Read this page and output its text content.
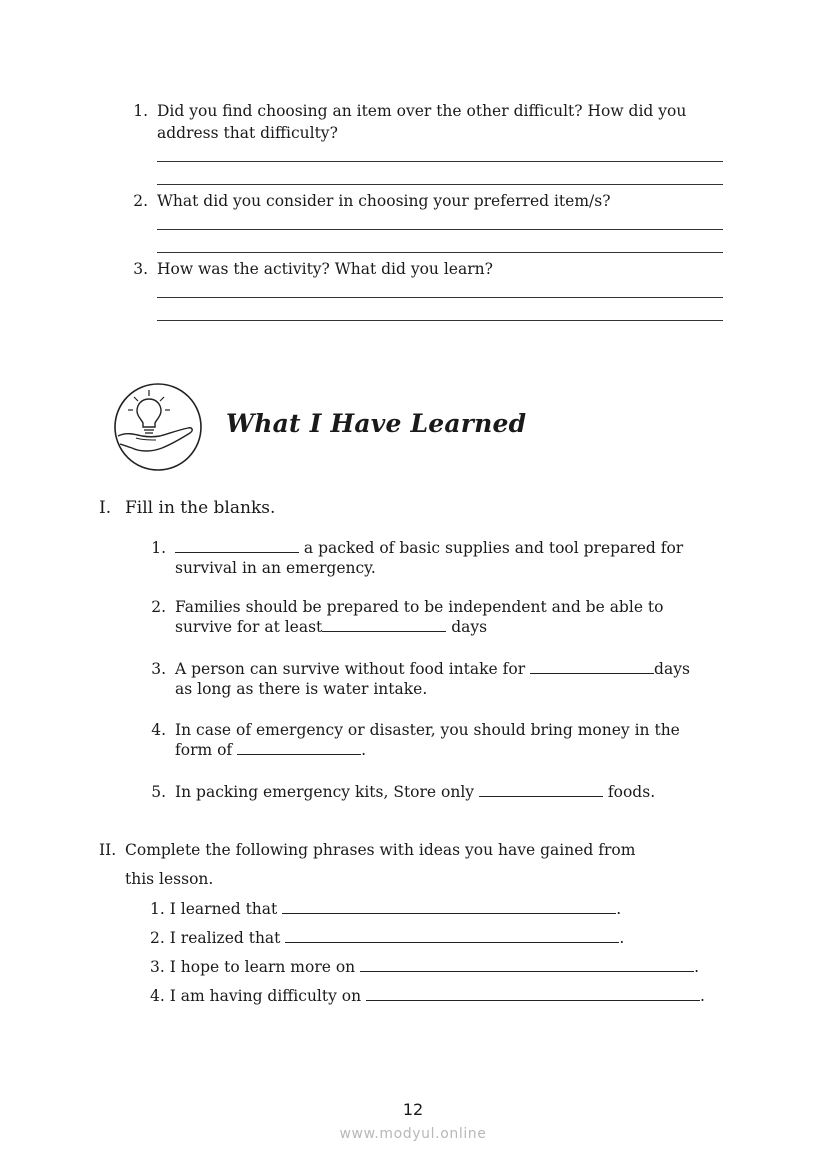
1. Did you find choosing an item over the other difficult? How did you
address that difficulty?
2. What did you consider in choosing your preferred item/s?
3. How was the activity? What did you learn?
What I Have Learned
I. Fill in the blanks.
1.	a packed of basic supplies and tool prepared for
survival in an emergency.
2. Families should be prepared to be independent and be able to
survive for at least	days
3. A person can survive without food intake for	days
as long as there is water intake.
4. In case of emergency or disaster, you should bring money in the
form of	.
5. In packing emergency kits, Store only	foods.
II. Complete the following phrases with ideas you have gained from
this lesson.
1. I learned that	.
2. I realized that	.
3. I hope to learn more on	.
4. I am having difficulty on	.
12
www.modyul.online
